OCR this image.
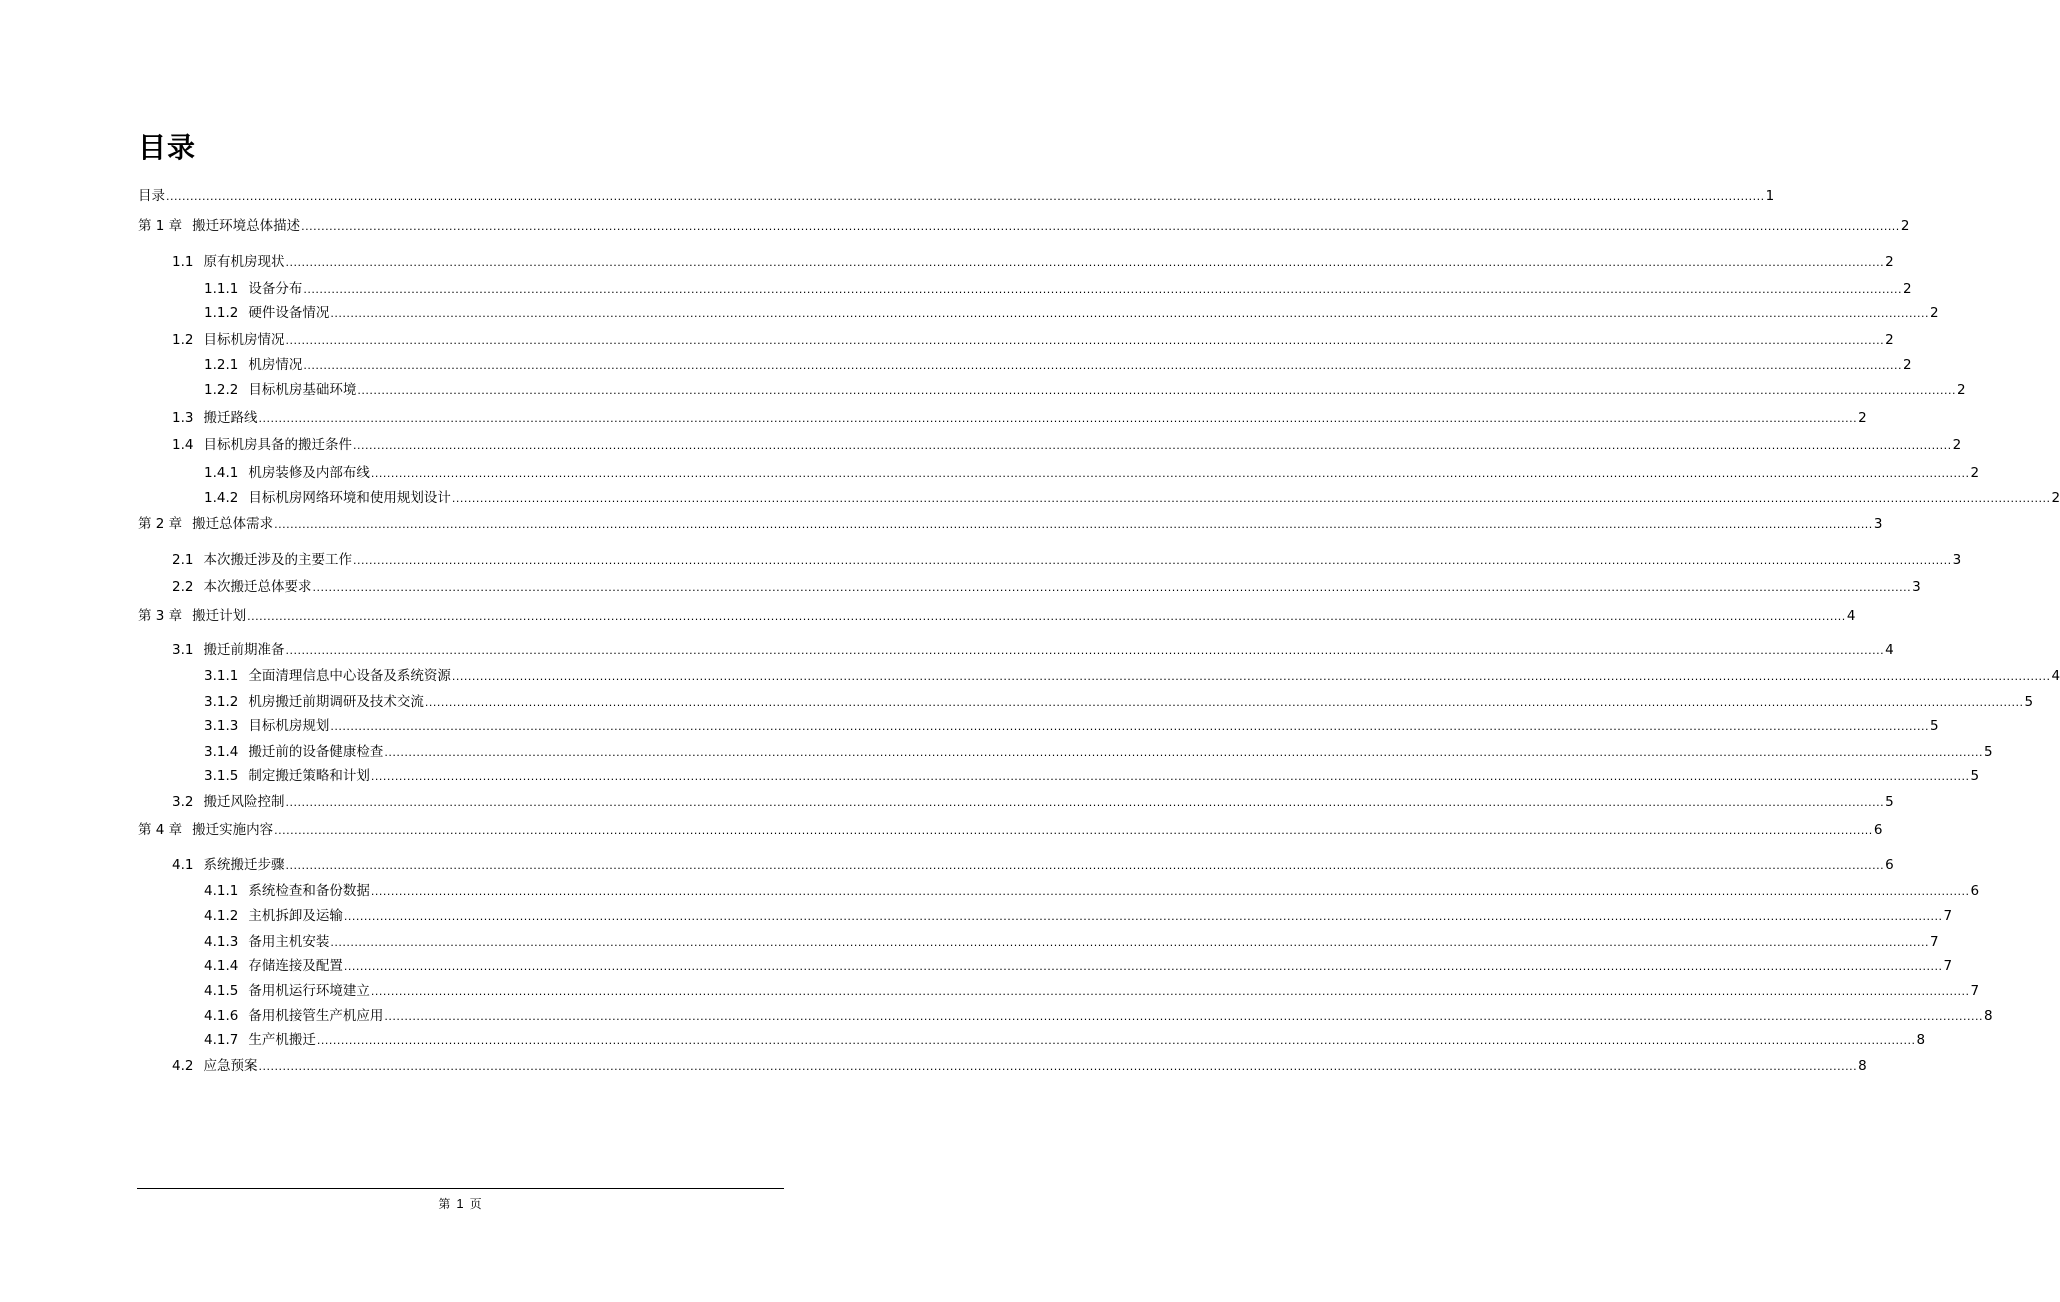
目录
目录 ................................................................................................................................................................................................................................................................................................................................................................................................................ 1
第 1 章 搬迁环境总体描述 ................................................................................................................................................................................................................................................................................................................................................................................................................ 2
1.1 原有机房现状 ................................................................................................................................................................................................................................................................................................................................................................................................................ 2
1.1.1 设备分布 ................................................................................................................................................................................................................................................................................................................................................................................................................ 2
1.1.2 硬件设备情况 ................................................................................................................................................................................................................................................................................................................................................................................................................ 2
1.2 目标机房情况 ................................................................................................................................................................................................................................................................................................................................................................................................................ 2
1.2.1 机房情况 ................................................................................................................................................................................................................................................................................................................................................................................................................ 2
1.2.2 目标机房基础环境 ................................................................................................................................................................................................................................................................................................................................................................................................................ 2
1.3 搬迁路线 ................................................................................................................................................................................................................................................................................................................................................................................................................ 2
1.4 目标机房具备的搬迁条件 ................................................................................................................................................................................................................................................................................................................................................................................................................ 2
1.4.1 机房装修及内部布线 ................................................................................................................................................................................................................................................................................................................................................................................................................ 2
1.4.2 目标机房网络环境和使用规划设计 ................................................................................................................................................................................................................................................................................................................................................................................................................ 2
第 2 章 搬迁总体需求 ................................................................................................................................................................................................................................................................................................................................................................................................................ 3
2.1 本次搬迁涉及的主要工作 ................................................................................................................................................................................................................................................................................................................................................................................................................ 3
2.2 本次搬迁总体要求 ................................................................................................................................................................................................................................................................................................................................................................................................................ 3
第 3 章 搬迁计划 ................................................................................................................................................................................................................................................................................................................................................................................................................ 4
3.1 搬迁前期准备 ................................................................................................................................................................................................................................................................................................................................................................................................................ 4
3.1.1 全面清理信息中心设备及系统资源 ................................................................................................................................................................................................................................................................................................................................................................................................................ 4
3.1.2 机房搬迁前期调研及技术交流 ................................................................................................................................................................................................................................................................................................................................................................................................................ 5
3.1.3 目标机房规划 ................................................................................................................................................................................................................................................................................................................................................................................................................ 5
3.1.4 搬迁前的设备健康检查 ................................................................................................................................................................................................................................................................................................................................................................................................................ 5
3.1.5 制定搬迁策略和计划 ................................................................................................................................................................................................................................................................................................................................................................................................................ 5
3.2 搬迁风险控制 ................................................................................................................................................................................................................................................................................................................................................................................................................ 5
第 4 章 搬迁实施内容 ................................................................................................................................................................................................................................................................................................................................................................................................................ 6
4.1 系统搬迁步骤 ................................................................................................................................................................................................................................................................................................................................................................................................................ 6
4.1.1 系统检查和备份数据 ................................................................................................................................................................................................................................................................................................................................................................................................................ 6
4.1.2 主机拆卸及运输 ................................................................................................................................................................................................................................................................................................................................................................................................................ 7
4.1.3 备用主机安装 ................................................................................................................................................................................................................................................................................................................................................................................................................ 7
4.1.4 存储连接及配置 ................................................................................................................................................................................................................................................................................................................................................................................................................ 7
4.1.5 备用机运行环境建立 ................................................................................................................................................................................................................................................................................................................................................................................................................ 7
4.1.6 备用机接管生产机应用 ................................................................................................................................................................................................................................................................................................................................................................................................................ 8
4.1.7 生产机搬迁 ................................................................................................................................................................................................................................................................................................................................................................................................................ 8
4.2 应急预案 ................................................................................................................................................................................................................................................................................................................................................................................................................ 8
第 1 页
